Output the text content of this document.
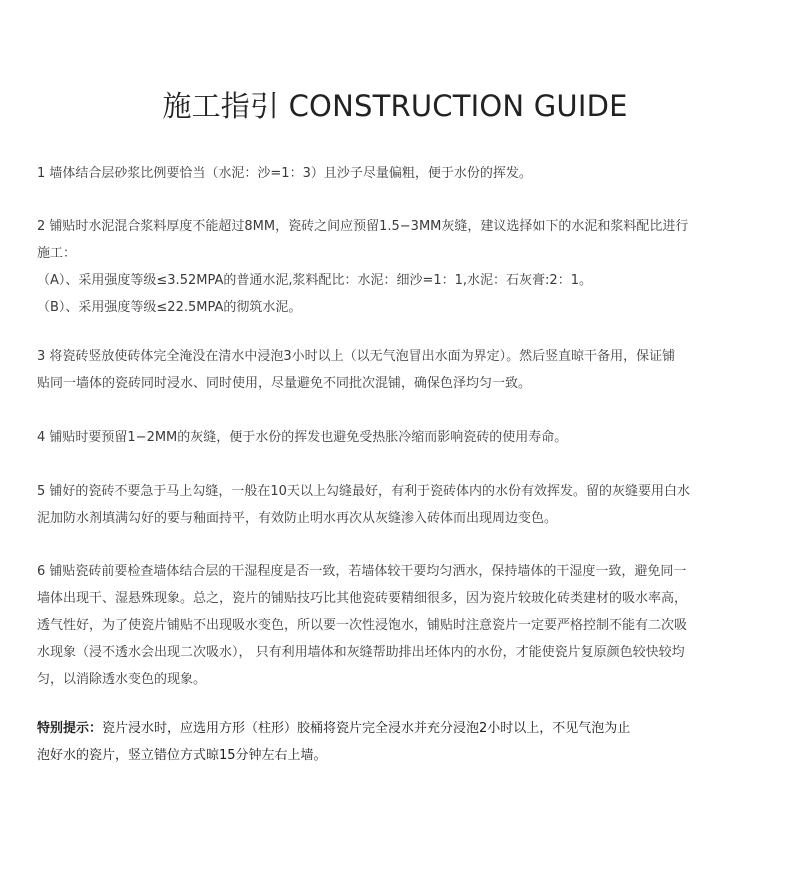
施工指引 CONSTRUCTION GUIDE
1 墙体结合层砂浆比例要恰当（水泥：沙=1：3）且沙子尽量偏粗，便于水份的挥发。
2 铺贴时水泥混合浆料厚度不能超过8MM，瓷砖之间应预留1.5−3MM灰缝，建议选择如下的水泥和浆料配比进行
施工：
（A）、采用强度等级≤3.52MPA的普通水泥,浆料配比：水泥：细沙=1：1,水泥：石灰膏:2：1。
（B）、采用强度等级≤22.5MPA的彻筑水泥。
3 将瓷砖竖放使砖体完全淹没在清水中浸泡3小时以上（以无气泡冒出水面为界定）。然后竖直晾干备用，保证铺
贴同一墙体的瓷砖同时浸水、同时使用，尽量避免不同批次混铺，确保色泽均匀一致。
4 铺贴时要预留1−2MM的灰缝，便于水份的挥发也避免受热胀冷缩而影响瓷砖的使用寿命。
5 铺好的瓷砖不要急于马上勾缝，一般在10天以上勾缝最好，有利于瓷砖体内的水份有效挥发。留的灰缝要用白水
泥加防水剂填满勾好的要与釉面持平，有效防止明水再次从灰缝渗入砖体而出现周边变色。
6 铺贴瓷砖前要检查墙体结合层的干湿程度是否一致，若墙体较干要均匀洒水，保持墙体的干湿度一致，避免同一
墙体出现干、湿悬殊现象。总之，瓷片的铺贴技巧比其他瓷砖要精细很多，因为瓷片较玻化砖类建材的吸水率高，
透气性好，为了使瓷片铺贴不出现吸水变色，所以要一次性浸饱水，铺贴时注意瓷片一定要严格控制不能有二次吸
水现象（浸不透水会出现二次吸水）， 只有利用墙体和灰缝帮助排出坯体内的水份，才能使瓷片复原颜色较快较均
匀，以消除透水变色的现象。
特别提示：瓷片浸水时，应选用方形（柱形）胶桶将瓷片完全浸水并充分浸泡2小时以上，不见气泡为止
泡好水的瓷片，竖立错位方式晾15分钟左右上墙。
